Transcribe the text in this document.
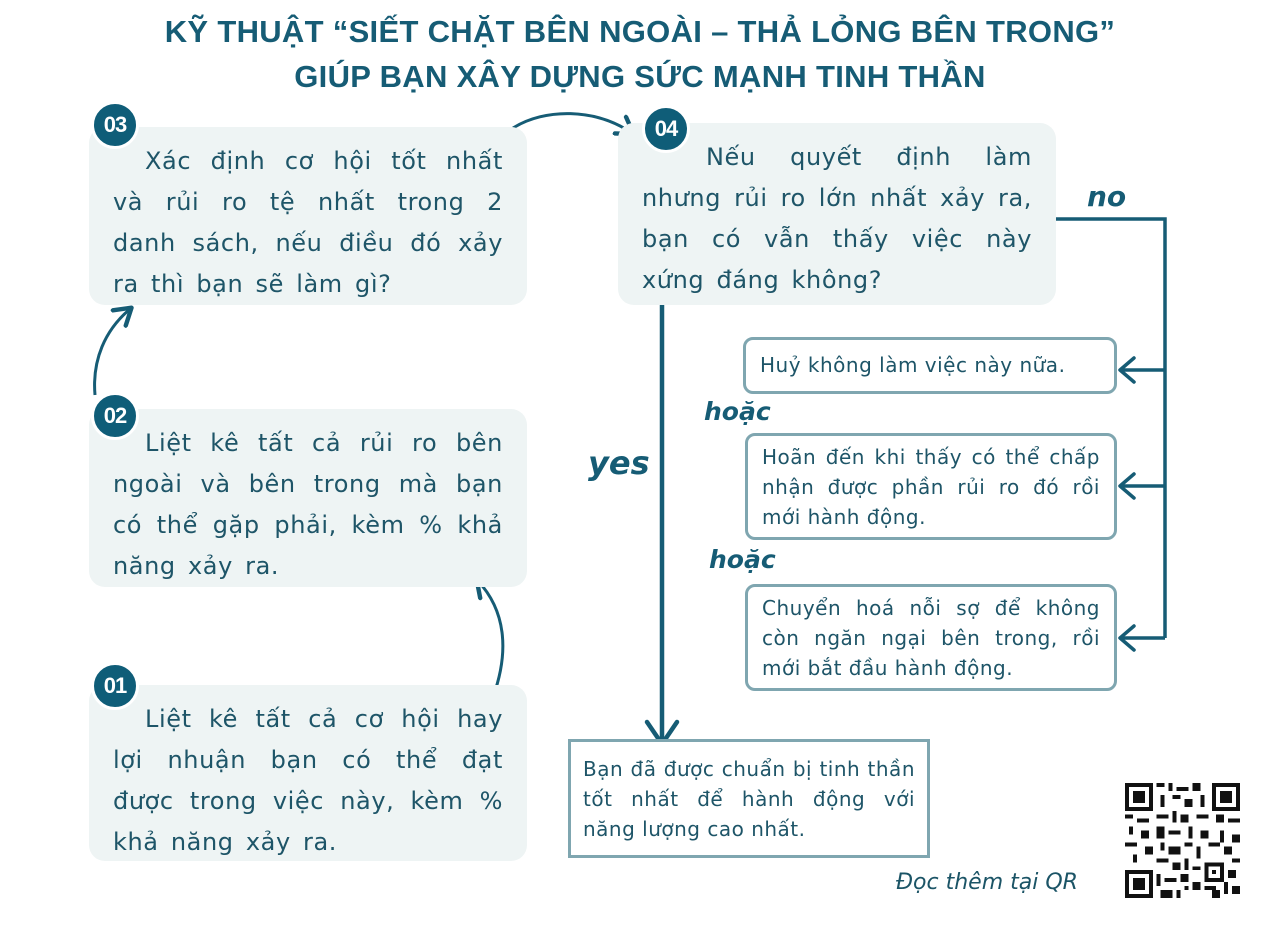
KỸ THUẬT “SIẾT CHẶT BÊN NGOÀI – THẢ LỎNG BÊN TRONG”
GIÚP BẠN XÂY DỰNG SỨC MẠNH TINH THẦN
Xác định cơ hội tốt nhất và rủi ro tệ nhất trong 2 danh sách, nếu điều đó xảy ra thì bạn sẽ làm gì?
03
Nếu quyết định làm nhưng rủi ro lớn nhất xảy ra, bạn có vẫn thấy việc này xứng đáng không?
04
Liệt kê tất cả rủi ro bên ngoài và bên trong mà bạn có thể gặp phải, kèm % khả năng xảy ra.
02
Liệt kê tất cả cơ hội hay lợi nhuận bạn có thể đạt được trong việc này, kèm % khả năng xảy ra.
01
no
yes
hoặc
hoặc
Huỷ không làm việc này nữa.
Hoãn đến khi thấy có thể chấp nhận được phần rủi ro đó rồi mới hành động.
Chuyển hoá nỗi sợ để không còn ngăn ngại bên trong, rồi mới bắt đầu hành động.
Bạn đã được chuẩn bị tinh thần tốt nhất để hành động với năng lượng cao nhất.
Đọc thêm tại QR
